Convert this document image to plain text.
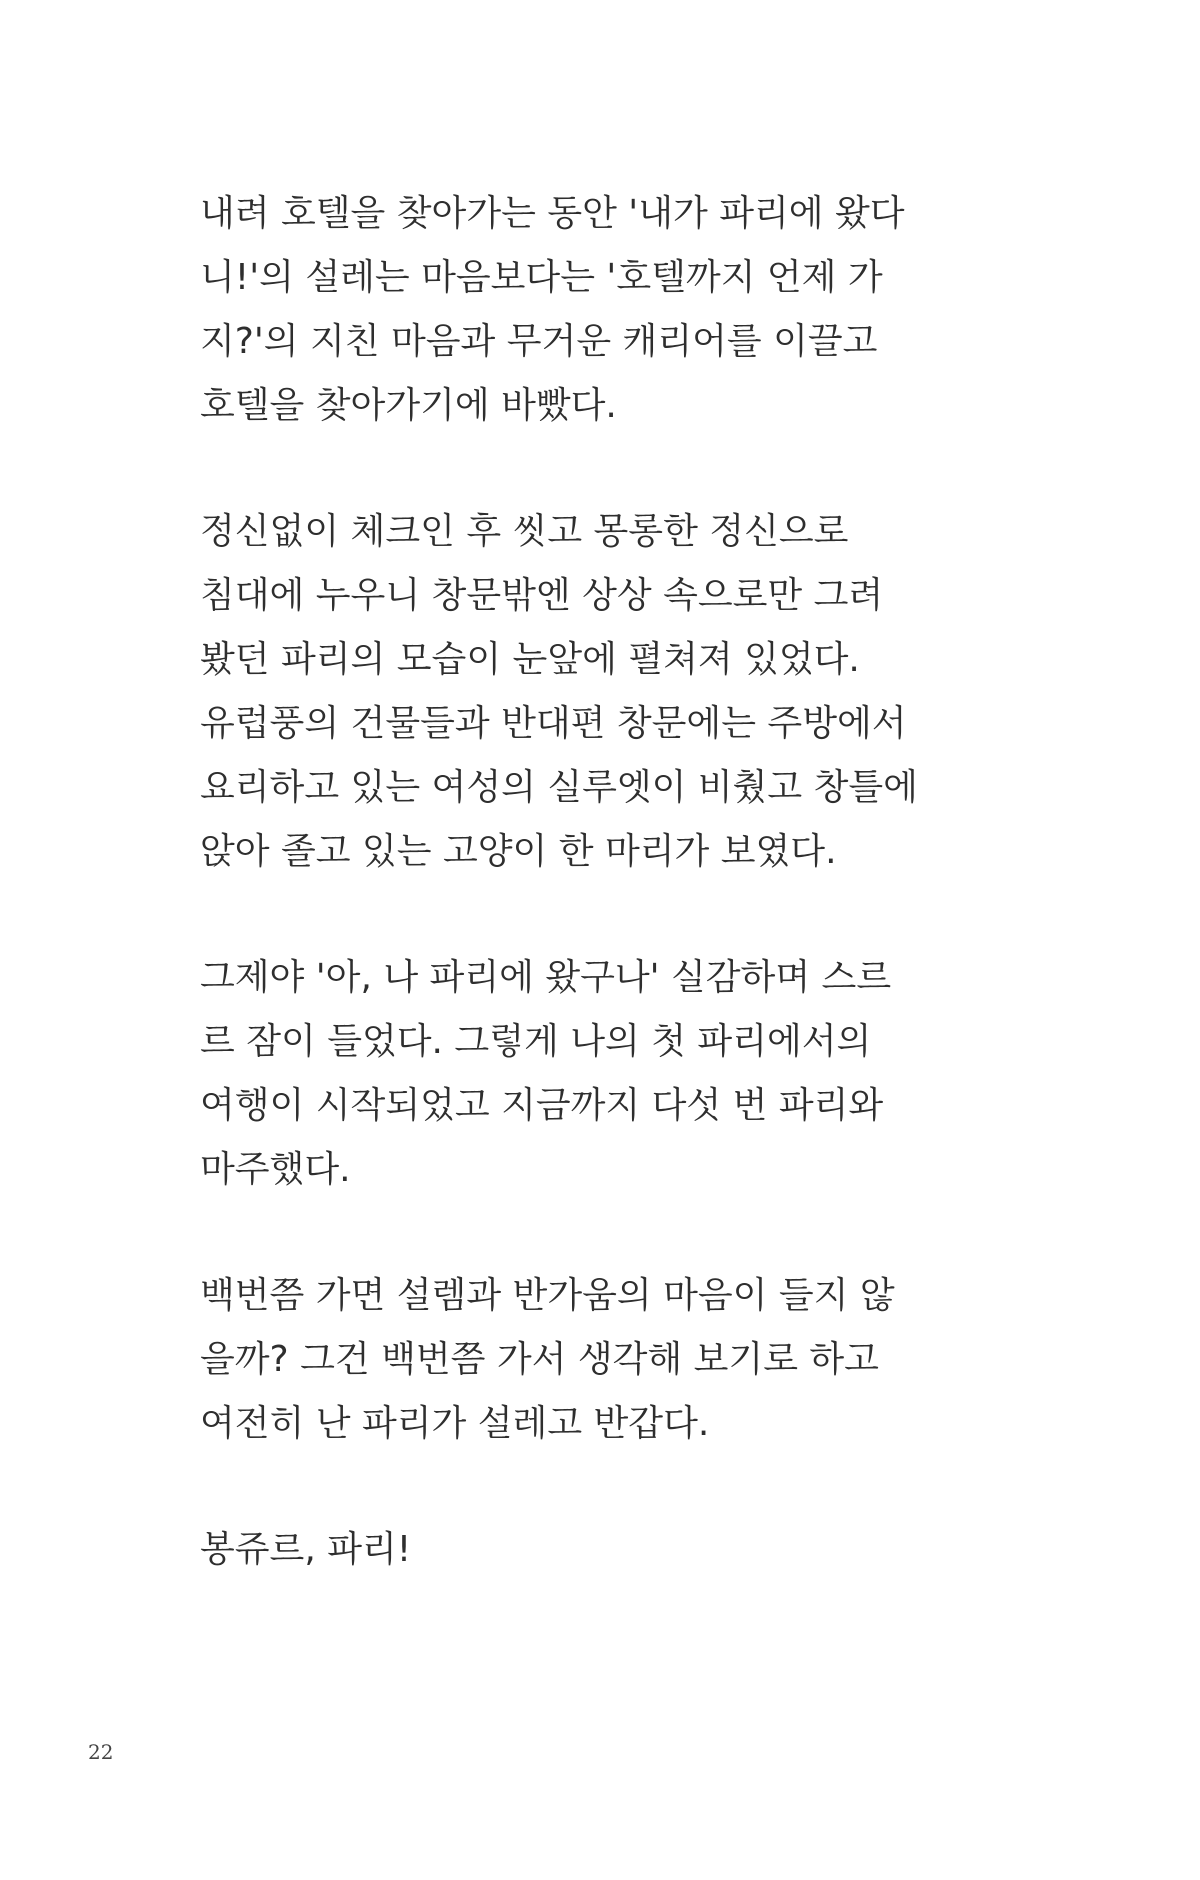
내려 호텔을 찾아가는 동안 '내가 파리에 왔다
니!'의 설레는 마음보다는 '호텔까지 언제 가
지?'의 지친 마음과 무거운 캐리어를 이끌고
호텔을 찾아가기에 바빴다.

정신없이 체크인 후 씻고 몽롱한 정신으로
침대에 누우니 창문밖엔 상상 속으로만 그려
봤던 파리의 모습이 눈앞에 펼쳐져 있었다.
유럽풍의 건물들과 반대편 창문에는 주방에서
요리하고 있는 여성의 실루엣이 비췄고 창틀에
앉아 졸고 있는 고양이 한 마리가 보였다.

그제야 '아, 나 파리에 왔구나' 실감하며 스르
르 잠이 들었다. 그렇게 나의 첫 파리에서의
여행이 시작되었고 지금까지 다섯 번 파리와
마주했다.

백번쯤 가면 설렘과 반가움의 마음이 들지 않
을까? 그건 백번쯤 가서 생각해 보기로 하고
여전히 난 파리가 설레고 반갑다.

봉쥬르, 파리!

22
